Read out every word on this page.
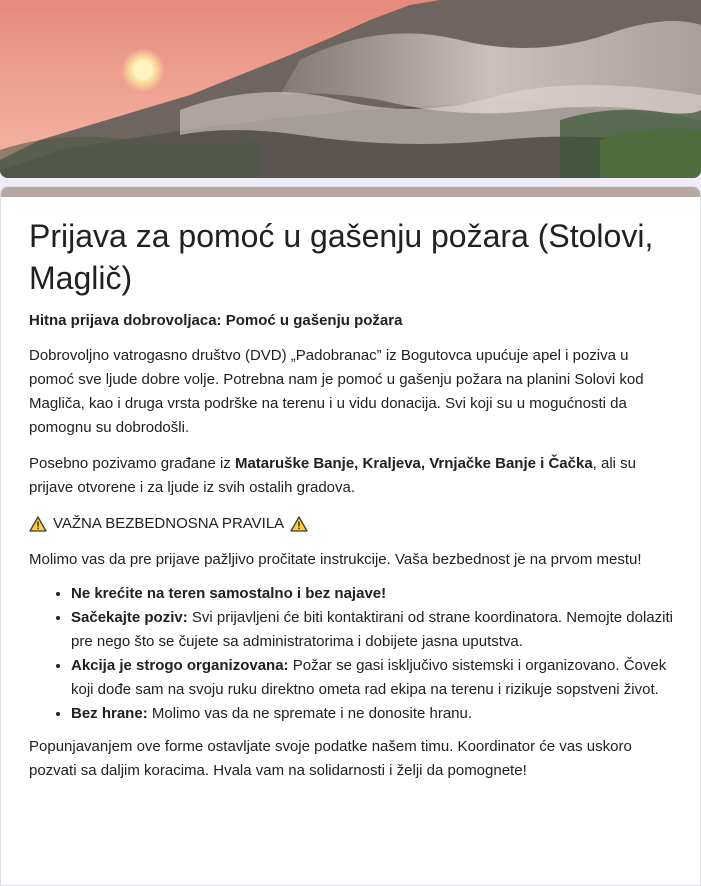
Prijava za pomoć u gašenju požara (Stolovi, Maglič)
Hitna prijava dobrovoljaca: Pomoć u gašenju požara

Dobrovoljno vatrogasno društvo (DVD) „Padobranac” iz Bogutovca upućuje apel i poziva u pomoć sve ljude dobre volje. Potrebna nam je pomoć u gašenju požara na planini Solovi kod Magliča, kao i druga vrsta podrške na terenu i u vidu donacija. Svi koji su u mogućnosti da pomognu su dobrodošli.

Posebno pozivamo građane iz Mataruške Banje, Kraljeva, Vrnjačke Banje i Čačka, ali su prijave otvorene i za ljude iz svih ostalih gradova.

VAŽNA BEZBEDNOSNA PRAVILA

Molimo vas da pre prijave pažljivo pročitate instrukcije. Vaša bezbednost je na prvom mestu!

• Ne krećite na teren samostalno i bez najave!
• Sačekajte poziv: Svi prijavljeni će biti kontaktirani od strane koordinatora. Nemojte dolaziti pre nego što se čujete sa administratorima i dobijete jasna uputstva.
• Akcija je strogo organizovana: Požar se gasi isključivo sistemski i organizovano. Čovek koji dođe sam na svoju ruku direktno ometa rad ekipa na terenu i rizikuje sopstveni život.
• Bez hrane: Molimo vas da ne spremate i ne donosite hranu.

Popunjavanjem ove forme ostavljate svoje podatke našem timu. Koordinator će vas uskoro pozvati sa daljim koracima. Hvala vam na solidarnosti i želji da pomognete!
